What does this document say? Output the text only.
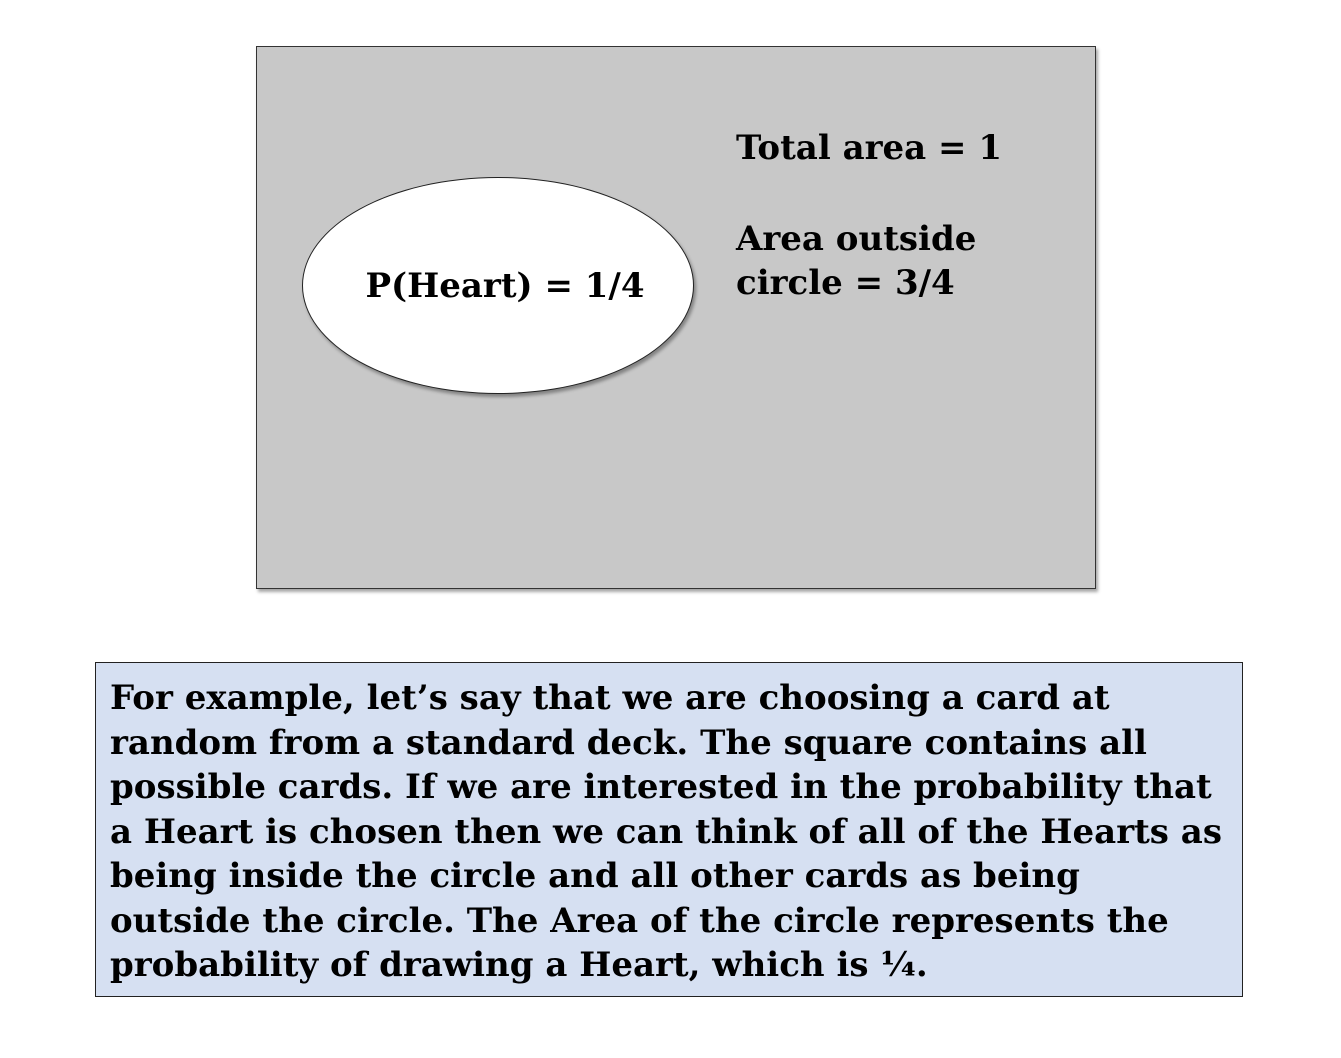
P(Heart) = 1/4
Total area = 1
Area outside circle = 3/4
For example, let’s say that we are choosing a card at random from a standard deck. The square contains all possible cards. If we are interested in the probability that a Heart is chosen then we can think of all of the Hearts as being inside the circle and all other cards as being outside the circle. The Area of the circle represents the probability of drawing a Heart, which is ¼.
